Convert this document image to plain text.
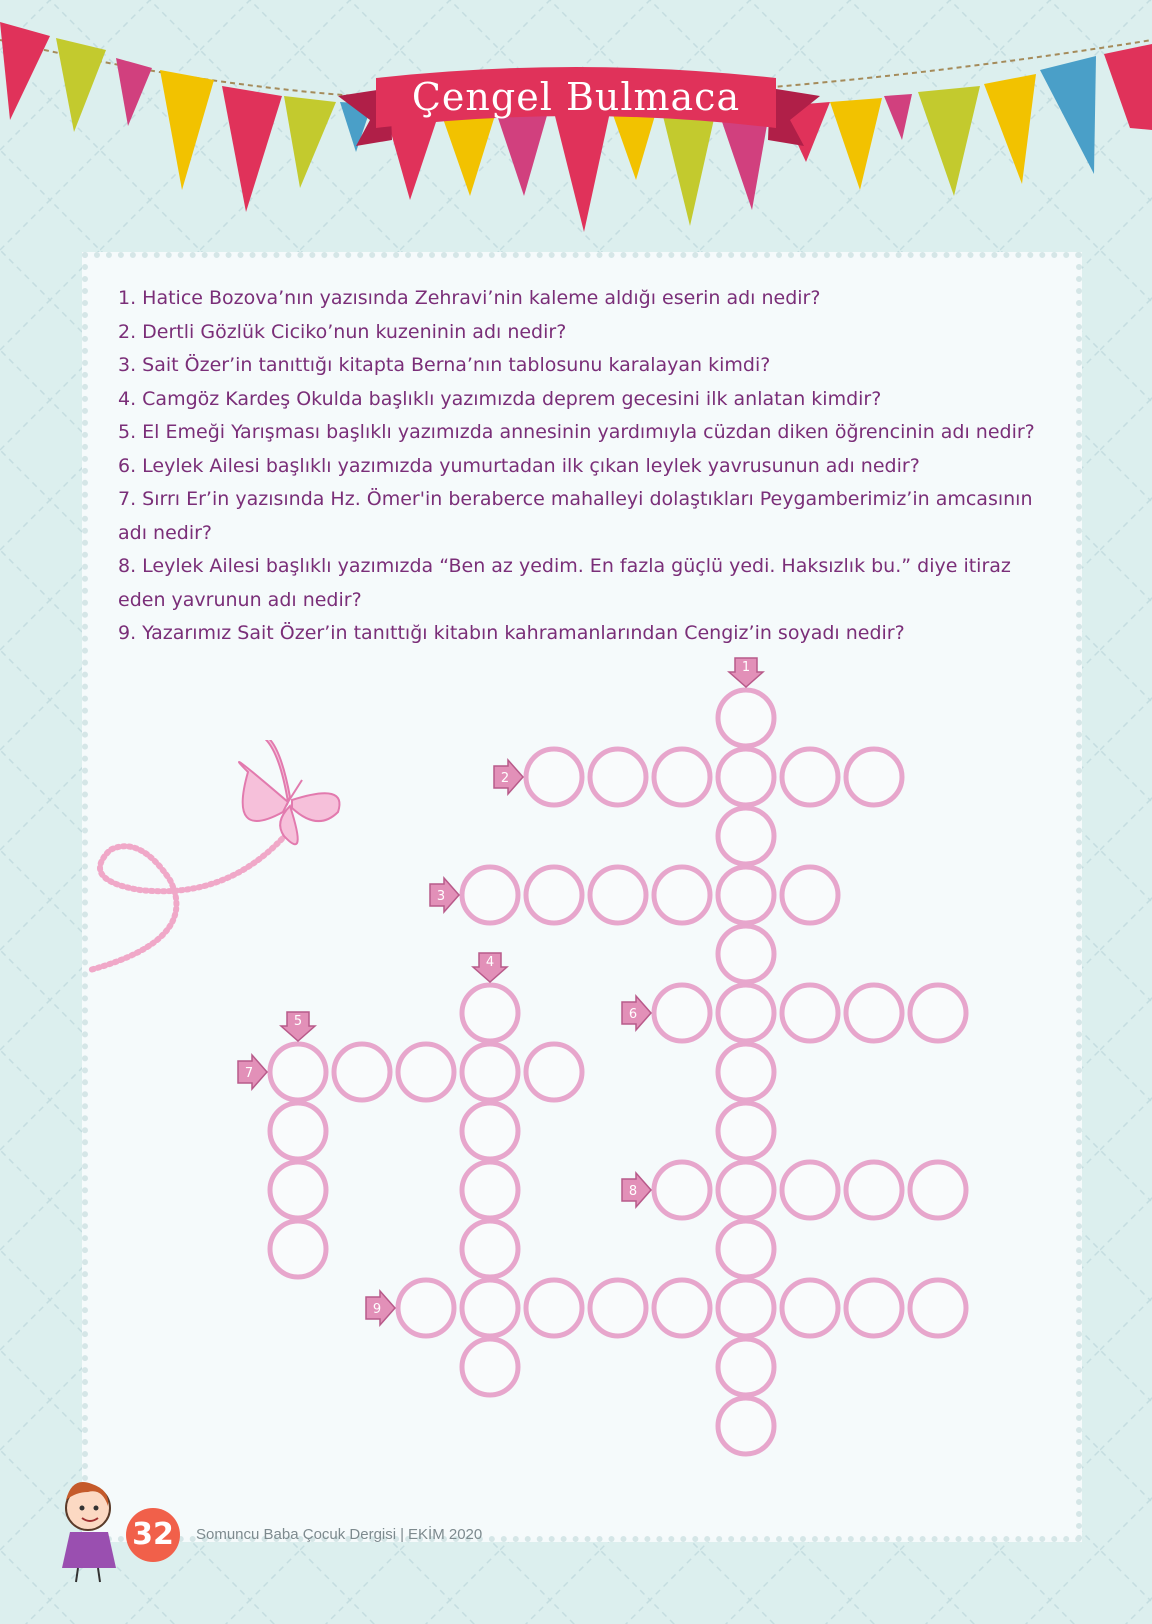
Çengel Bulmaca

1. Hatice Bozova’nın yazısında Zehravi’nin kaleme aldığı eserin adı nedir?

2. Dertli Gözlük Ciciko’nun kuzeninin adı nedir?

3. Sait Özer’in tanıttığı kitapta Berna’nın tablosunu karalayan kimdi?

4. Camgöz Kardeş Okulda başlıklı yazımızda deprem gecesini ilk anlatan kimdir?

5. El Emeği Yarışması başlıklı yazımızda annesinin yardımıyla cüzdan diken öğrencinin adı nedir?

6. Leylek Ailesi başlıklı yazımızda yumurtadan ilk çıkan leylek yavrusunun adı nedir?

7. Sırrı Er’in yazısında Hz. Ömer'in beraberce mahalleyi dolaştıkları Peygamberimiz’in amcasının adı nedir?

8. Leylek Ailesi başlıklı yazımızda “Ben az yedim. En fazla güçlü yedi. Haksızlık bu.” diye itiraz eden yavrunun adı nedir?

9. Yazarımız Sait Özer’in tanıttığı kitabın kahramanlarından Cengiz’in soyadı nedir?

1
2
3
4
5	6
7
8
9
32	Somuncu Baba Çocuk Dergisi | EKİM 2020
